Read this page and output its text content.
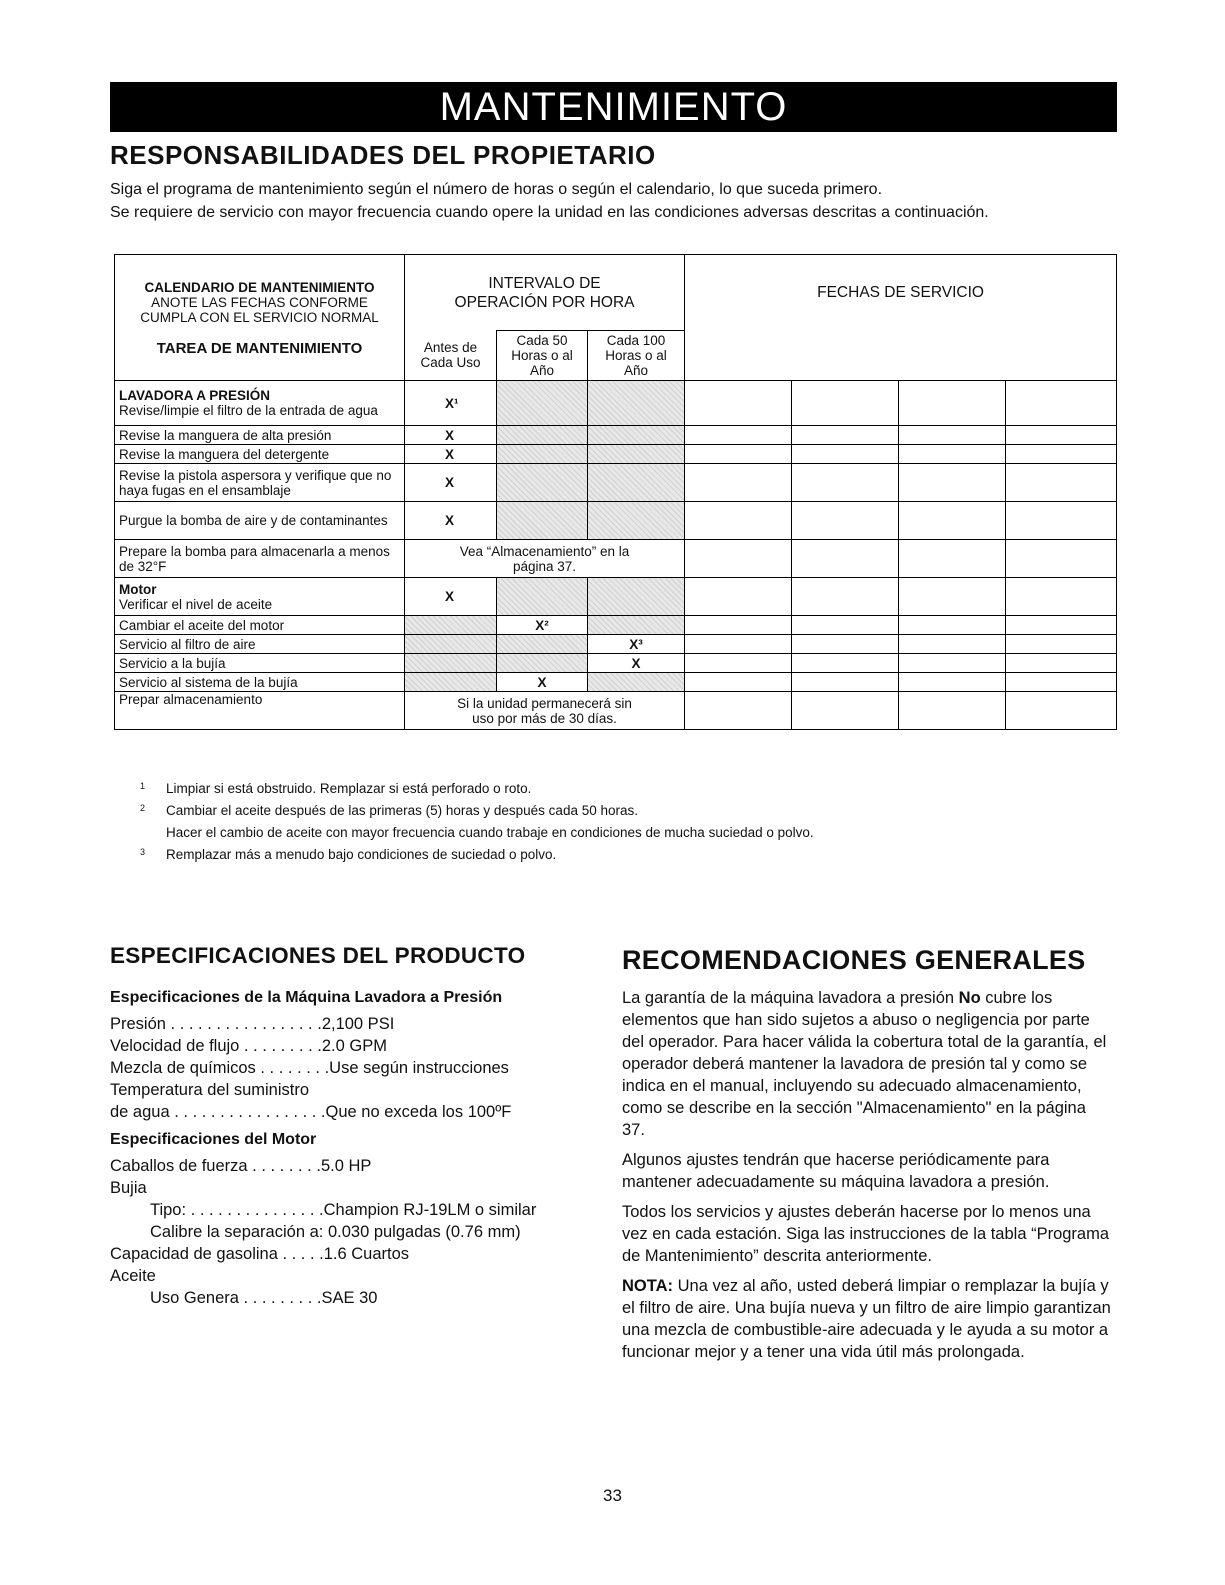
MANTENIMIENTO
RESPONSABILIDADES DEL PROPIETARIO

Siga el programa de mantenimiento según el número de horas o según el calendario, lo que suceda primero.

Se requiere de servicio con mayor frecuencia cuando opere la unidad en las condiciones adversas descritas a continuación.

CALENDARIO DE MANTENIMIENTO
ANOTE LAS FECHAS CONFORME CUMPLA CON EL SERVICIO NORMAL
TAREA DE MANTENIMIENTO	INTERVALO DE OPERACIÓN POR HORA			FECHAS DE SERVICIO			
	Antes de Cada Uso	Cada 50 Horas o al Año	Cada 100 Horas o al Año				

LAVADORA A PRESIÓN
Revise/limpie el filtro de la entrada de agua	X¹						
Revise la manguera de alta presión	X						
Revise la manguera del detergente	X						
Revise la pistola aspersora y verifique que no haya fugas en el ensamblaje	X						
Purgue la bomba de aire y de contaminantes	X						
Prepare la bomba para almacenarla a menos de 32°F	Vea “Almacenamiento” en la página 37.						

Motor
Verificar el nivel de aceite	X						
Cambiar el aceite del motor		X²					
Servicio al filtro de aire			X³				
Servicio a la bujía			X				
Servicio al sistema de la bujía		X					
Prepar almacenamiento	Si la unidad permanecerá sin uso por más de 30 días.						

1 Limpiar si está obstruido. Remplazar si está perforado o roto.
2 Cambiar el aceite después de las primeras (5) horas y después cada 50 horas.
Hacer el cambio de aceite con mayor frecuencia cuando trabaje en condiciones de mucha suciedad o polvo.
3 Remplazar más a menudo bajo condiciones de suciedad o polvo.
ESPECIFICACIONES DEL PRODUCTO
Especificaciones de la Máquina Lavadora a Presión
Presión . . . . . . . . . . . . . . . . .2,100 PSI
Velocidad de flujo . . . . . . . . .2.0 GPM
Mezcla de químicos . . . . . . . .Use según instrucciones
Temperatura del suministro
de agua . . . . . . . . . . . . . . . . .Que no exceda los 100ºF
Especificaciones del Motor
Caballos de fuerza . . . . . . . .5.0 HP
Bujia
Tipo: . . . . . . . . . . . . . . .Champion RJ-19LM o similar
Calibre la separación a: 0.030 pulgadas (0.76 mm)
Capacidad de gasolina . . . . .1.6 Cuartos
Aceite
Uso Genera . . . . . . . . .SAE 30
RECOMENDACIONES GENERALES

La garantía de la máquina lavadora a presión No cubre los elementos que han sido sujetos a abuso o negligencia por parte del operador. Para hacer válida la cobertura total de la garantía, el operador deberá mantener la lavadora de presión tal y como se indica en el manual, incluyendo su adecuado almacenamiento, como se describe en la sección "Almacenamiento" en la página 37.

Algunos ajustes tendrán que hacerse periódicamente para mantener adecuadamente su máquina lavadora a presión.

Todos los servicios y ajustes deberán hacerse por lo menos una vez en cada estación. Siga las instrucciones de la tabla “Programa de Mantenimiento” descrita anteriormente.

NOTA: Una vez al año, usted deberá limpiar o remplazar la bujía y el filtro de aire. Una bujía nueva y un filtro de aire limpio garantizan una mezcla de combustible-aire adecuada y le ayuda a su motor a funcionar mejor y a tener una vida útil más prolongada.

33
